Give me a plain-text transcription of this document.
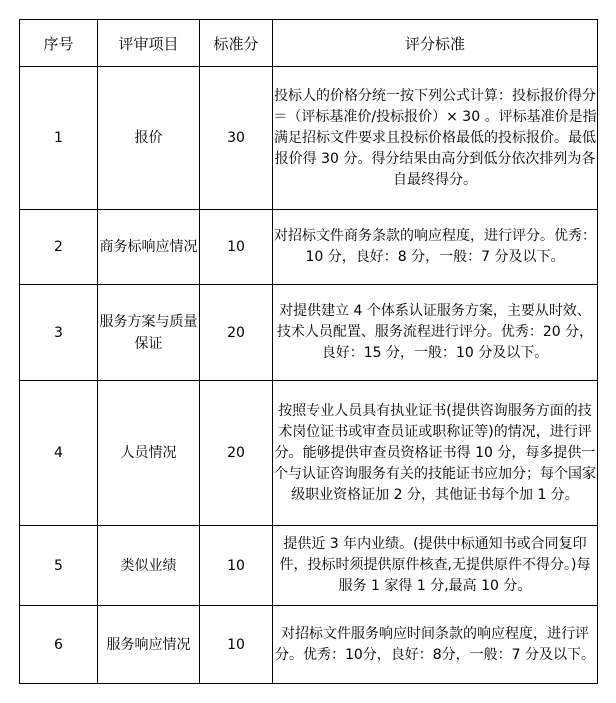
序号	评审项目	标准分	评分标准
1	报价	30	投标人的价格分统一按下列公式计算：投标报价得分＝（评标基准价/投标报价）× 30 。评标基准价是指满足招标文件要求且投标价格最低的投标报价。最低报价得 30 分。得分结果由高分到低分依次排列为各自最终得分。
2	商务标响应情况	10	对招标文件商务条款的响应程度，进行评分。优秀：10 分，良好：8 分，一般：7 分及以下。
3	服务方案与质量保证	20	对提供建立 4 个体系认证服务方案，主要从时效、技术人员配置、服务流程进行评分。优秀：20 分，良好：15 分，一般：10 分及以下。
4	人员情况	20	按照专业人员具有执业证书(提供咨询服务方面的技术岗位证书或审查员证或职称证等)的情况，进行评分。能够提供审查员资格证书得 10 分，每多提供一个与认证咨询服务有关的技能证书应加分；每个国家级职业资格证加 2 分，其他证书每个加 1 分。
5	类似业绩	10	提供近 3 年内业绩。(提供中标通知书或合同复印件，投标时须提供原件核查,无提供原件不得分。)每服务 1 家得 1 分,最高 10 分。
6	服务响应情况	10	对招标文件服务响应时间条款的响应程度，进行评分。优秀：10分，良好：8分，一般：7 分及以下。
